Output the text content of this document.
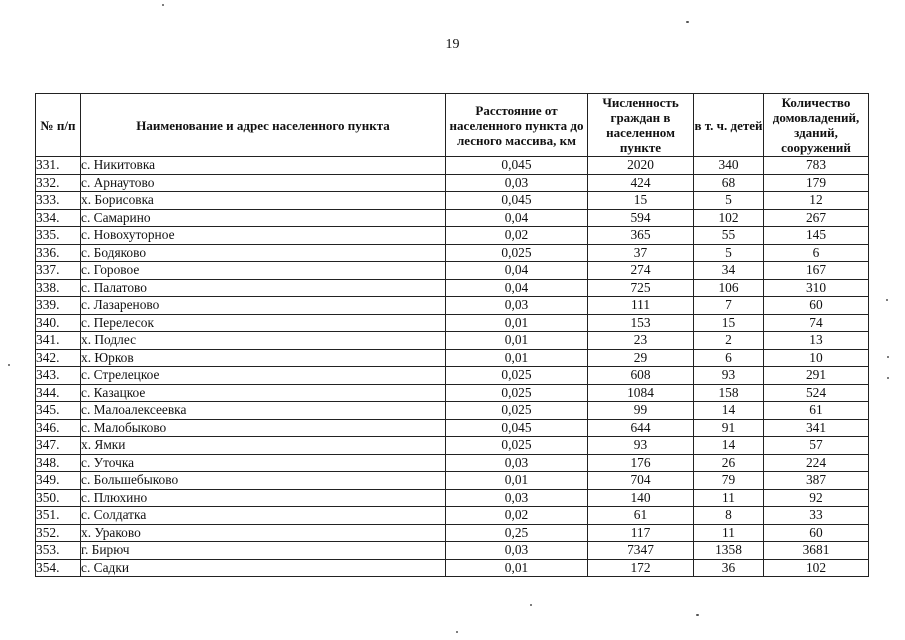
19
№ п/п	Наименование и адрес населенного пункта	Расстояние от населенного пункта до лесного массива, км	Численность граждан в населенном пункте	в т. ч. детей	Количество домовладений, зданий, сооружений
331.	с. Никитовка	0,045	2020	340	783
332.	с. Арнаутово	0,03	424	68	179
333.	х. Борисовка	0,045	15	5	12
334.	с. Самарино	0,04	594	102	267
335.	с. Новохуторное	0,02	365	55	145
336.	с. Бодяково	0,025	37	5	6
337.	с. Горовое	0,04	274	34	167
338.	с. Палатово	0,04	725	106	310
339.	с. Лазареново	0,03	111	7	60
340.	с. Перелесок	0,01	153	15	74
341.	х. Подлес	0,01	23	2	13
342.	х. Юрков	0,01	29	6	10
343.	с. Стрелецкое	0,025	608	93	291
344.	с. Казацкое	0,025	1084	158	524
345.	с. Малоалексеевка	0,025	99	14	61
346.	с. Малобыково	0,045	644	91	341
347.	х. Ямки	0,025	93	14	57
348.	с. Уточка	0,03	176	26	224
349.	с. Большебыково	0,01	704	79	387
350.	с. Плюхино	0,03	140	11	92
351.	с. Солдатка	0,02	61	8	33
352.	х. Ураково	0,25	117	11	60
353.	г. Бирюч	0,03	7347	1358	3681
354.	с. Садки	0,01	172	36	102
